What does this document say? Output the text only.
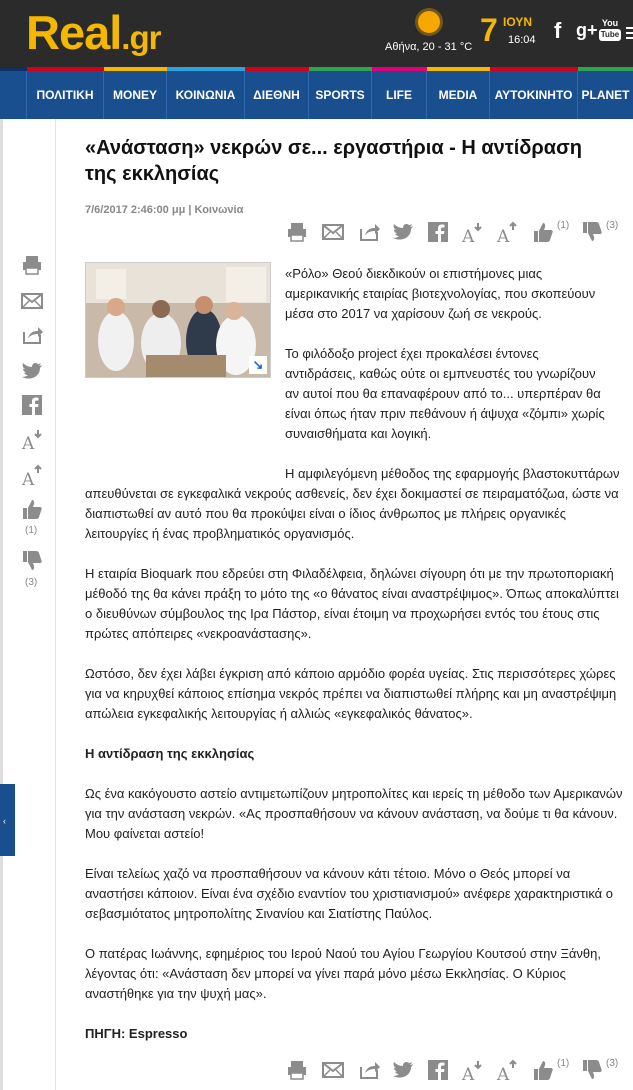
Real.gr	Αθήνα, 20 - 31 °C 7 ΙΟΥΝ
16:04 f g+ You
Tube
ΠΟΛΙΤΙΚΗ	MONEY	ΚΟΙΝΩΝΙΑ	ΔΙΕΘΝΗ	SPORTS	LIFE	MEDIA	ΑΥΤΟΚΙΝΗΤΟ PLANET
‹
«Ανάσταση» νεκρών σε... εργαστήρια - Η αντίδραση της εκκλησίας
7/6/2017 2:46:00 μμ | Κοινωνία
A A
(1)	(3)
A A
(1)	(3)
A
A
(1)
(3)
↘
«Ρόλο» Θεού διεκδικούν οι επιστήμονες μιας αμερικανικής εταιρίας βιοτεχνολογίας, που σκοπεύουν μέσα στο 2017 να χαρίσουν ζωή σε νεκρούς.
Το φιλόδοξο project έχει προκαλέσει έντονες αντιδράσεις, καθώς ούτε οι εμπνευστές του γνωρίζουν αν αυτοί που θα επαναφέρουν από το... υπερπέραν θα είναι όπως ήταν πριν πεθάνουν ή άψυχα «ζόμπι» χωρίς συναισθήματα και λογική.
Η αμφιλεγόμενη μέθοδος της εφαρμογής βλαστοκυττάρων απευθύνεται σε εγκεφαλικά νεκρούς ασθενείς, δεν έχει δοκιμαστεί σε πειραματόζωα, ώστε να διαπιστωθεί αν αυτό που θα προκύψει είναι ο ίδιος άνθρωπος με πλήρεις οργανικές λειτουργίες ή ένας προβληματικός οργανισμός.
Η εταιρία Bioquark που εδρεύει στη Φιλαδέλφεια, δηλώνει σίγουρη ότι με την πρωτοποριακή μέθοδό της θα κάνει πράξη το μότο της «ο θάνατος είναι αναστρέψιμος». Όπως αποκαλύπτει ο διευθύνων σύμβουλος της Ιρα Πάστορ, είναι έτοιμη να προχωρήσει εντός του έτους στις πρώτες απόπειρες «νεκροανάστασης».
Ωστόσο, δεν έχει λάβει έγκριση από κάποιο αρμόδιο φορέα υγείας. Στις περισσότερες χώρες για να κηρυχθεί κάποιος επίσημα νεκρός πρέπει να διαπιστωθεί πλήρης και μη αναστρέψιμη απώλεια εγκεφαλικής λειτουργίας ή αλλιώς «εγκεφαλικός θάνατος».
Η αντίδραση της εκκλησίας
Ως ένα κακόγουστο αστείο αντιμετωπίζουν μητροπολίτες και ιερείς τη μέθοδο των Αμερικανών για την ανάσταση νεκρών. «Ας προσπαθήσουν να κάνουν ανάσταση, να δούμε τι θα κάνουν. Μου φαίνεται αστείο!
Είναι τελείως χαζό να προσπαθήσουν να κάνουν κάτι τέτοιο. Μόνο ο Θεός μπορεί να αναστήσει κάποιον. Είναι ένα σχέδιο εναντίον του χριστιανισμού» ανέφερε χαρακτηριστικά ο σεβασμιότατος μητροπολίτης Σινανίου και Σιατίστης Παύλος.
Ο πατέρας Ιωάννης, εφημέριος του Ιερού Ναού του Αγίου Γεωργίου Κουτσού στην Ξάνθη, λέγοντας ότι: «Ανάσταση δεν μπορεί να γίνει παρά μόνο μέσω Εκκλησίας. Ο Κύριος αναστήθηκε για την ψυχή μας».
ΠΗΓΗ: Espresso
